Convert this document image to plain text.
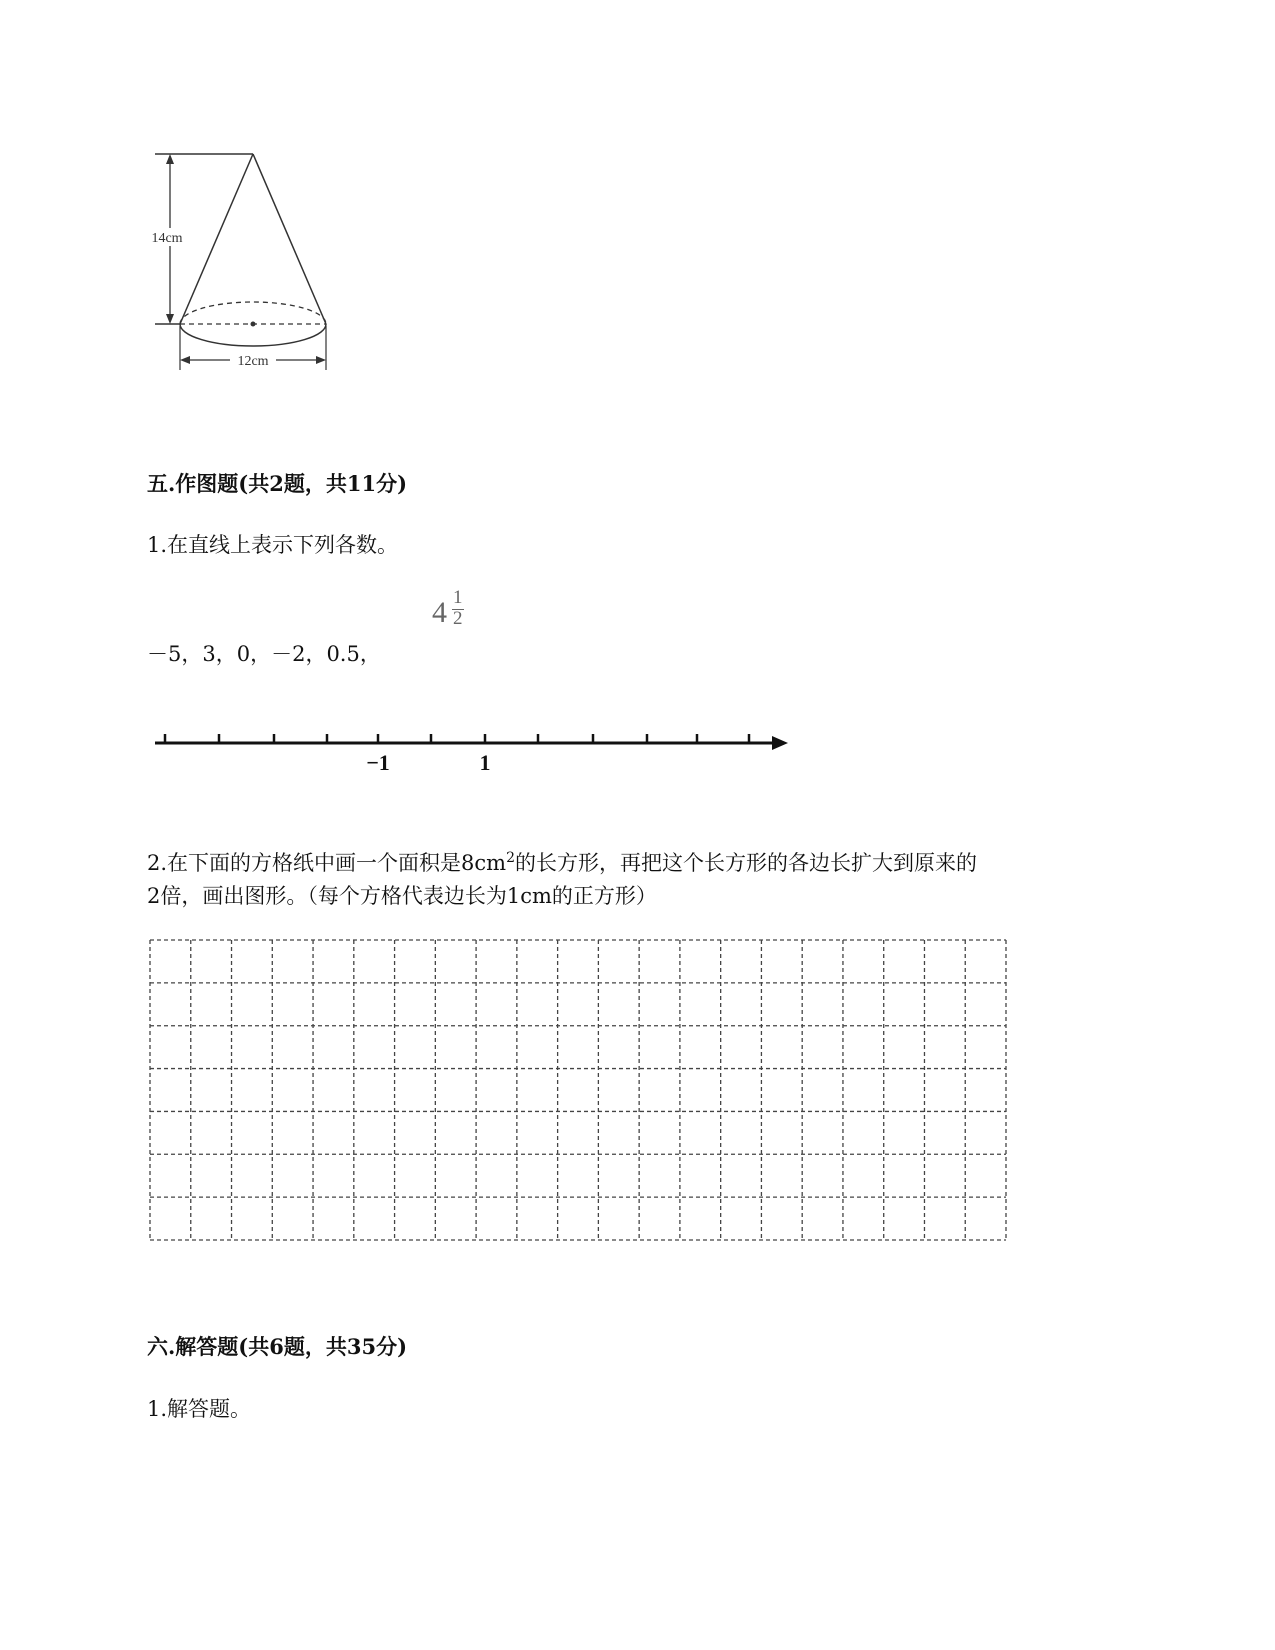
14cm
12cm
五.作图题(共2题，共11分)
1.在直线上表示下列各数。
4 1
2
－5，3，0，－2，0.5，
−1	1
2.在下面的方格纸中画一个面积是$8cm^2$的长方形，再把这个长方形的各边长扩大到原来的
2倍，画出图形。（每个方格代表边长为1cm的正方形）
六.解答题(共6题，共35分)
1.解答题。
